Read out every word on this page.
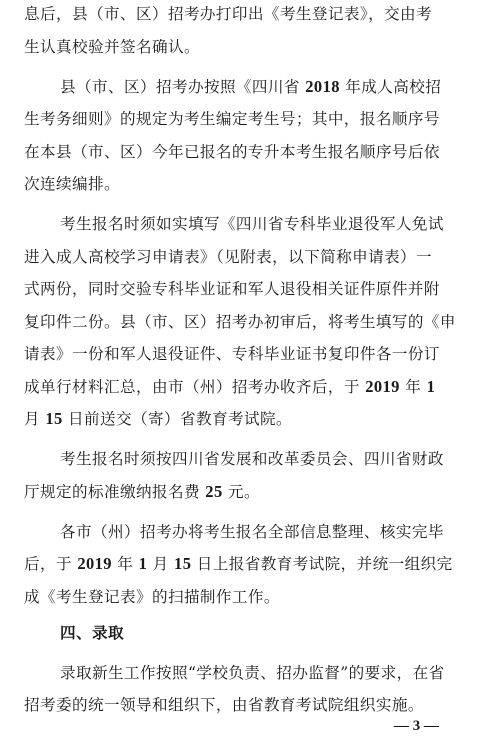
息后，县（市、区）招考办打印出《考生登记表》，交由考
生认真校验并签名确认。
县（市、区）招考办按照《四川省 2018 年成人高校招
生考务细则》的规定为考生编定考生号；其中，报名顺序号
在本县（市、区）今年已报名的专升本考生报名顺序号后依
次连续编排。
考生报名时须如实填写《四川省专科毕业退役军人免试
进入成人高校学习申请表》（见附表，以下简称申请表）一
式两份，同时交验专科毕业证和军人退役相关证件原件并附
复印件二份。县（市、区）招考办初审后，将考生填写的《申
请表》一份和军人退役证件、专科毕业证书复印件各一份订
成单行材料汇总，由市（州）招考办收齐后，于 2019 年 1
月 15 日前送交（寄）省教育考试院。
考生报名时须按四川省发展和改革委员会、四川省财政
厅规定的标准缴纳报名费 25 元。
各市（州）招考办将考生报名全部信息整理、核实完毕
后，于 2019 年 1 月 15 日上报省教育考试院，并统一组织完
成《考生登记表》的扫描制作工作。
四、录取
— 3 —
录取新生工作按照“学校负责、招办监督”的要求，在省
招考委的统一领导和组织下，由省教育考试院组织实施。
